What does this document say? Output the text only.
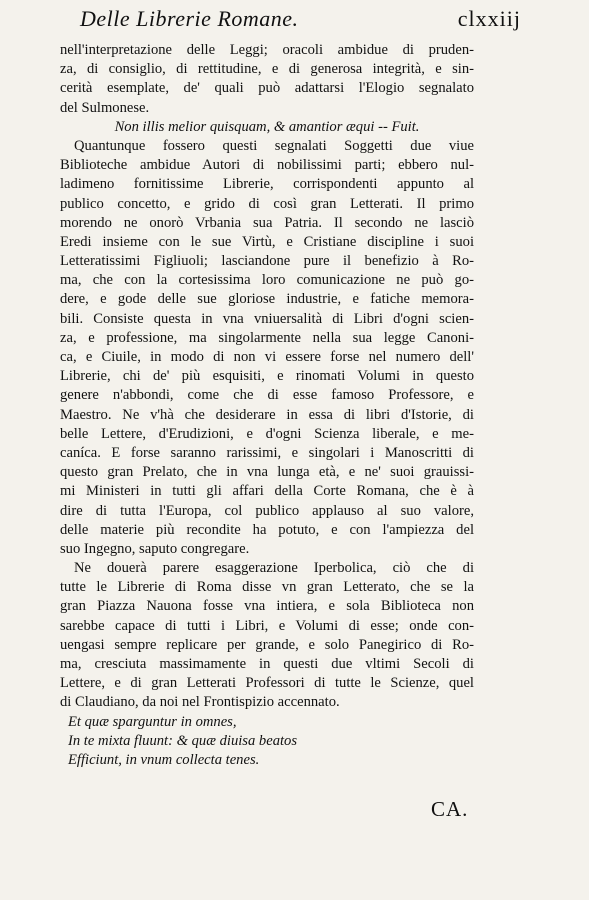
Delle Librerie Romane.	clxxiij
nell'interpretazione delle Leggi; oracoli ambidue di pruden-
za, di consiglio, di rettitudine, e di generosa integrità, e sin-
cerità esemplate, de' quali può adattarsi l'Elogio segnalato
del Sulmonese.
Non illis melior quisquam, & amantior æqui -- Fuit.
Quantunque fossero questi segnalati Soggetti due viue
Biblioteche ambidue Autori di nobilissimi parti; ebbero nul-
ladimeno fornitissime Librerie, corrispondenti appunto al
publico concetto, e grido di così gran Letterati. Il primo
morendo ne onorò Vrbania sua Patria. Il secondo ne lasciò
Eredi insieme con le sue Virtù, e Cristiane discipline i suoi
Letteratissimi Figliuoli; lasciandone pure il benefizio à Ro-
ma, che con la cortesissima loro comunicazione ne può go-
dere, e gode delle sue gloriose industrie, e fatiche memora-
bili. Consiste questa in vna vniuersalità di Libri d'ogni scien-
za, e professione, ma singolarmente nella sua legge Canoni-
ca, e Ciuile, in modo di non vi essere forse nel numero dell'
Librerie, chi de' più esquisiti, e rinomati Volumi in questo
genere n'abbondi, come che di esse famoso Professore, e
Maestro. Ne v'hà che desiderare in essa di libri d'Istorie, di
belle Lettere, d'Erudizioni, e d'ogni Scienza liberale, e me-
caníca. E forse saranno rarissimi, e singolari i Manoscritti di
questo gran Prelato, che in vna lunga età, e ne' suoi grauissi-
mi Ministeri in tutti gli affari della Corte Romana, che è à
dire di tutta l'Europa, col publico applauso al suo valore,
delle materie più recondite ha potuto, e con l'ampiezza del
suo Ingegno, saputo congregare.
Ne douerà parere esaggerazione Iperbolica, ciò che di
tutte le Librerie di Roma disse vn gran Letterato, che se la
gran Piazza Nauona fosse vna intiera, e sola Biblioteca non
sarebbe capace di tutti i Libri, e Volumi di esse; onde con-
uengasi sempre replicare per grande, e solo Panegirico di Ro-
ma, cresciuta massimamente in questi due vltimi Secoli di
Lettere, e di gran Letterati Professori di tutte le Scienze, quel
di Claudiano, da noi nel Frontispizio accennato.
Et quæ sparguntur in omnes,
In te mixta fluunt: & quæ diuisa beatos
Efficiunt, in vnum collecta tenes.
CA.
